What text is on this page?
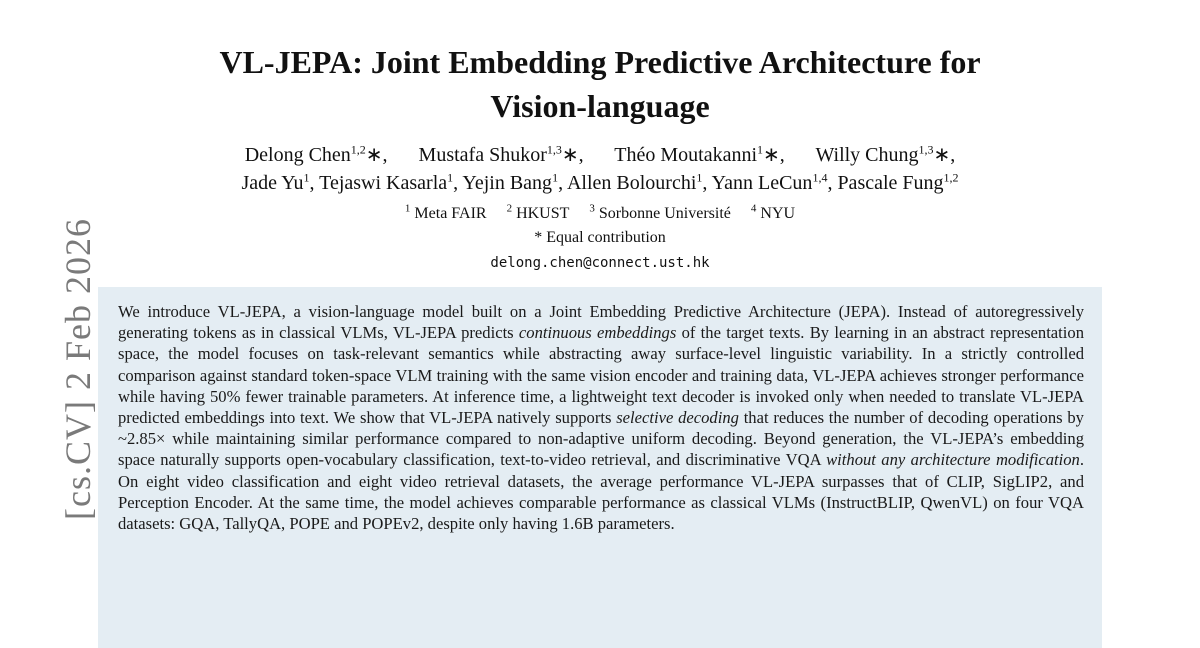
VL-JEPA: Joint Embedding Predictive Architecture for
Vision-language
Delong Chen$^{1,2}$∗, Mustafa Shukor$^{1,3}$∗, Théo Moutakanni$^1$∗, Willy Chung$^{1,3}$∗,
Jade Yu$^1$, Tejaswi Kasarla$^1$, Yejin Bang$^1$, Allen Bolourchi$^1$, Yann LeCun$^{1,4}$, Pascale Fung$^{1,2}$
$^1$ Meta FAIR $^2$ HKUST $^3$ Sorbonne Université $^4$ NYU
* Equal contribution
delong.chen@connect.ust.hk

We introduce VL-JEPA, a vision-language model built on a Joint Embedding Predictive Architecture (JEPA). Instead of autoregressively generating tokens as in classical VLMs, VL-JEPA predicts continuous embeddings of the target texts. By learning in an abstract representation space, the model focuses on task-relevant semantics while abstracting away surface-level linguistic variability. In a strictly controlled comparison against standard token-space VLM training with the same vision encoder and training data, VL-JEPA achieves stronger performance while having 50% fewer trainable parameters. At inference time, a lightweight text decoder is invoked only when needed to translate VL-JEPA predicted embeddings into text. We show that VL-JEPA natively supports selective decoding that reduces the number of decoding operations by ~2.85× while maintaining similar performance compared to non-adaptive uniform decoding. Beyond generation, the VL-JEPA’s embedding space naturally supports open-vocabulary classification, text-to-video retrieval, and discriminative VQA without any architecture modification. On eight video classification and eight video retrieval datasets, the average performance VL-JEPA surpasses that of CLIP, SigLIP2, and Perception Encoder. At the same time, the model achieves comparable performance as classical VLMs (InstructBLIP, QwenVL) on four VQA datasets: GQA, TallyQA, POPE and POPEv2, despite only having 1.6B parameters.

[cs.CV] 2 Feb 2026
